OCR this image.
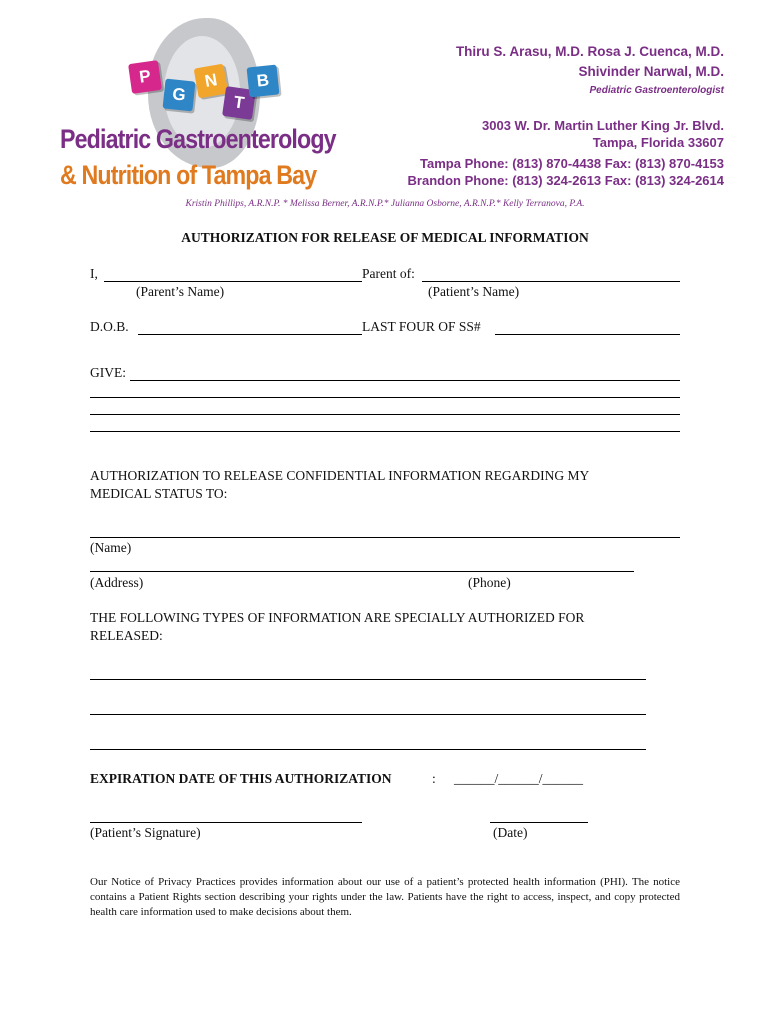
P
G
N
T
B
Pediatric Gastroenterology
& Nutrition of Tampa Bay
Thiru S. Arasu, M.D. Rosa J. Cuenca, M.D.
Shivinder Narwal, M.D.
Pediatric Gastroenterologist
3003 W. Dr. Martin Luther King Jr. Blvd.
Tampa, Florida 33607
Tampa Phone: (813) 870-4438 Fax: (813) 870-4153
Brandon Phone: (813) 324-2613 Fax: (813) 324-2614
Kristin Phillips, A.R.N.P. * Melissa Berner, A.R.N.P.* Julianna Osborne, A.R.N.P.* Kelly Terranova, P.A.
AUTHORIZATION FOR RELEASE OF MEDICAL INFORMATION
I,	Parent of:
(Parent’s Name)	(Patient’s Name)
D.O.B.	LAST FOUR OF SS#
GIVE:
AUTHORIZATION TO RELEASE CONFIDENTIAL INFORMATION REGARDING MY
MEDICAL STATUS TO:
(Name)
(Address)	(Phone)
THE FOLLOWING TYPES OF INFORMATION ARE SPECIALLY AUTHORIZED FOR
RELEASED:
EXPIRATION DATE OF THIS AUTHORIZATION	: ______/______/______
(Patient’s Signature)	(Date)
Our Notice of Privacy Practices provides information about our use of a patient’s protected health information (PHI). The notice contains a Patient Rights section describing your rights under the law. Patients have the right to access, inspect, and copy protected health care information used to make decisions about them.
